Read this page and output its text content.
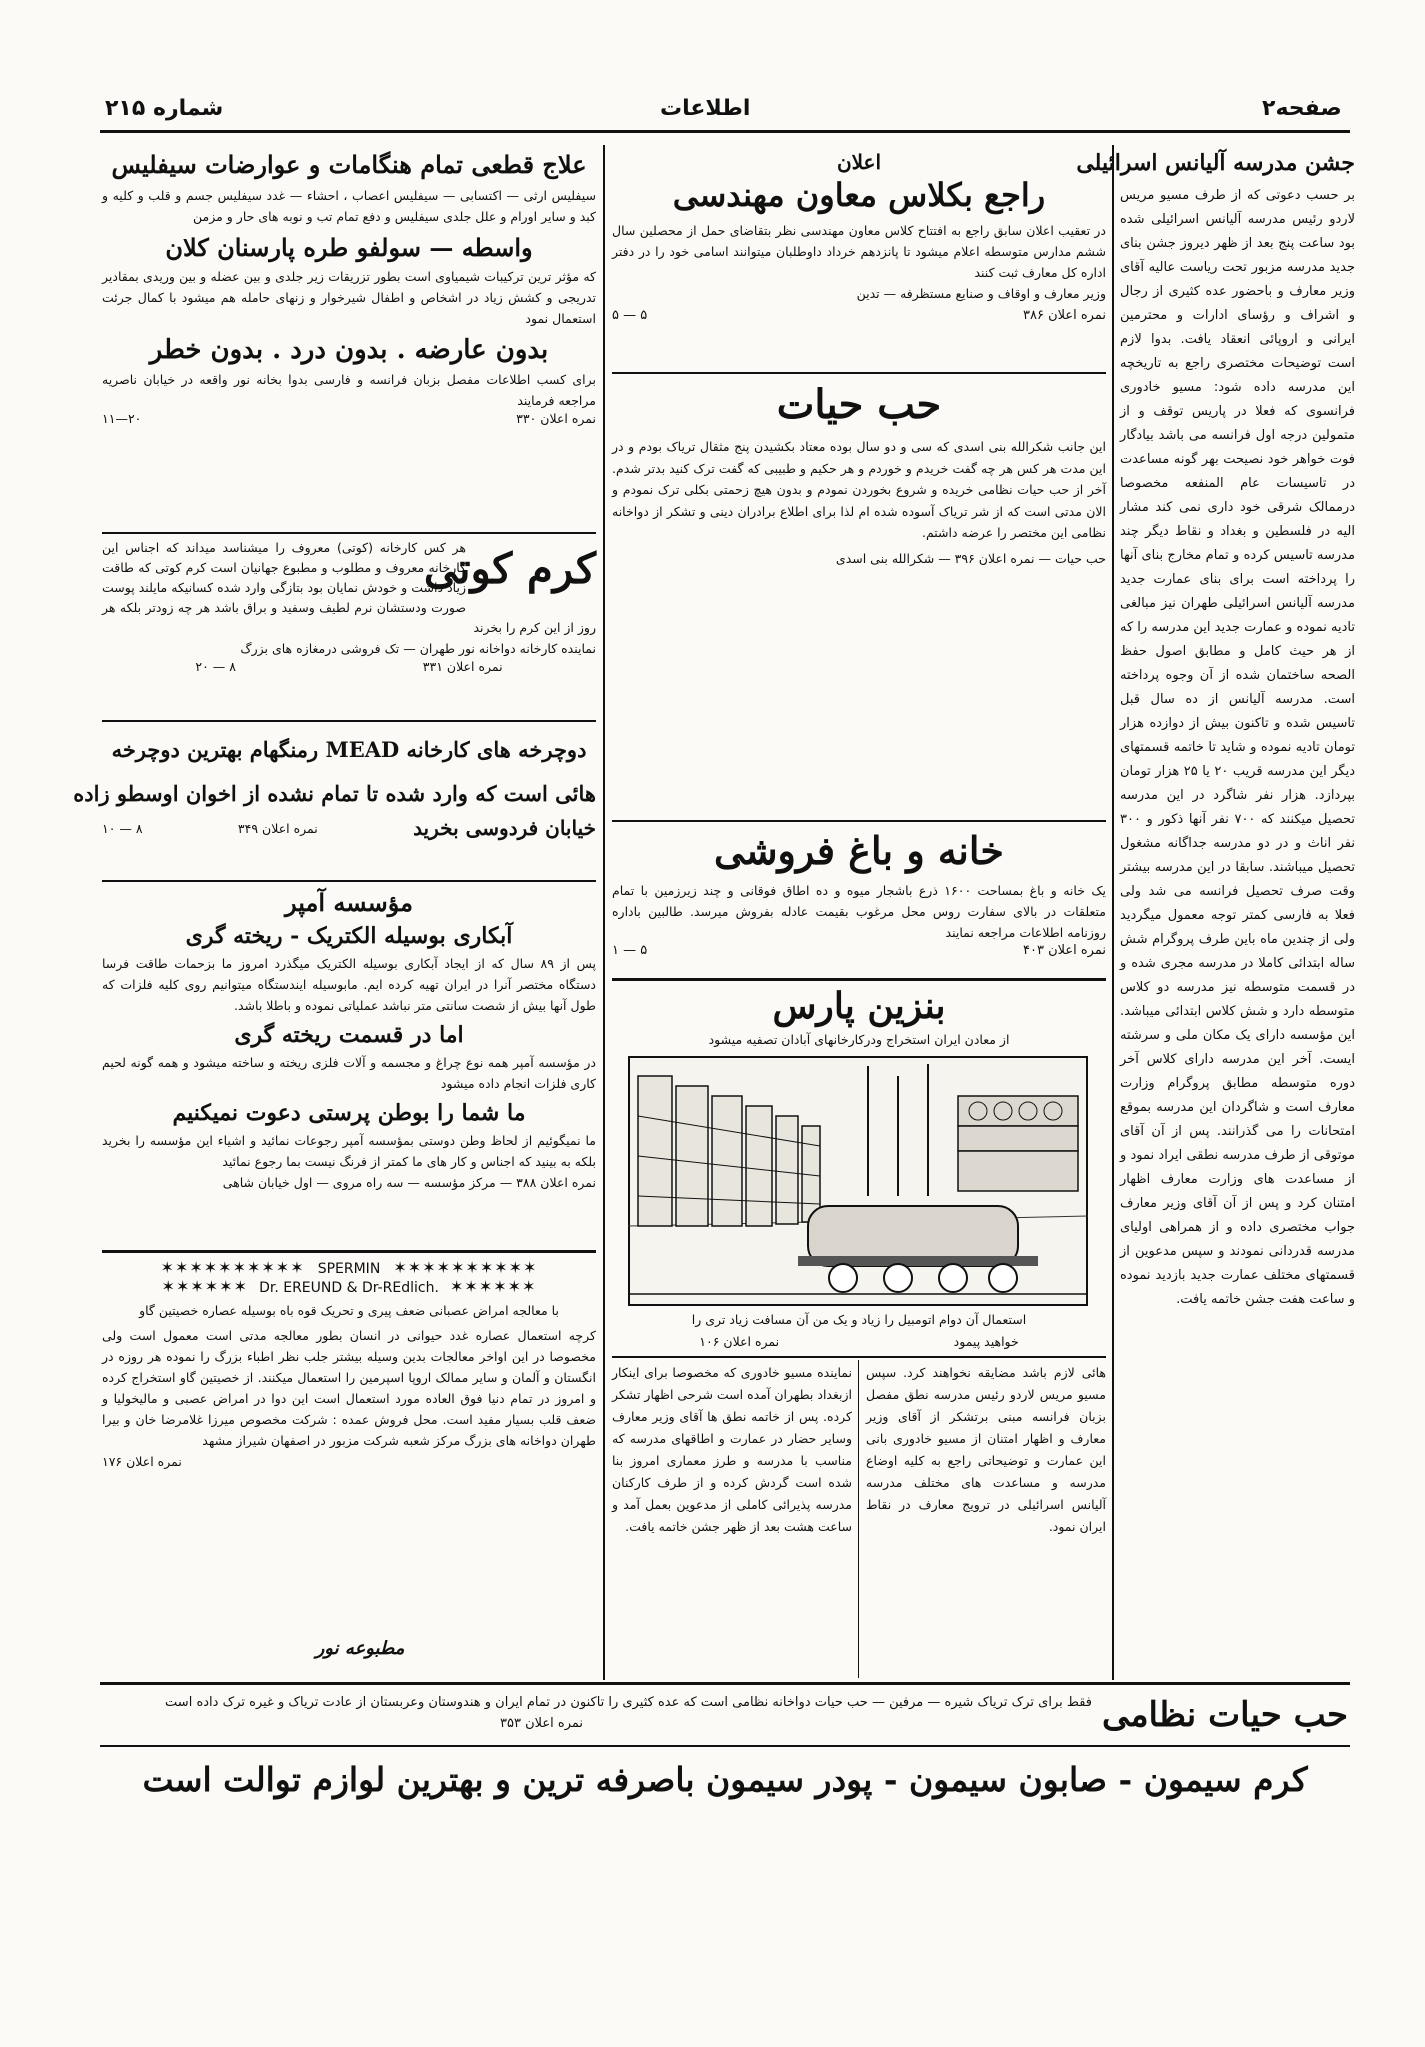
صفحه۲
اطلاعات
شماره ۲۱۵
جشن مدرسه آلیانس اسرائیلی

بر حسب دعوتی که از طرف مسیو مریس لاردو رئیس مدرسه آلیانس اسرائیلی شده بود ساعت پنج بعد از ظهر دیروز جشن بنای جدید مدرسه مزبور تحت ریاست عالیه آقای وزیر معارف و باحضور عده کثیری از رجال و اشراف و رؤسای ادارات و محترمین ایرانی و اروپائی انعقاد یافت. بدوا لازم است توضیحات مختصری راجع به تاریخچه این مدرسه داده شود: مسیو خادوری فرانسوی که فعلا در پاریس توقف و از متمولین درجه اول فرانسه می باشد بیادگار فوت خواهر خود نصیحت بهر گونه مساعدت در تاسیسات عام المنفعه مخصوصا درممالک شرقی خود داری نمی کند مشار الیه در فلسطین و بغداد و نقاط دیگر چند مدرسه تاسیس کرده و تمام مخارج بنای آنها را پرداخته است برای بنای عمارت جدید مدرسه آلیانس اسرائیلی طهران نیز مبالغی تادیه نموده و عمارت جدید این مدرسه را که از هر حیث کامل و مطابق اصول حفظ الصحه ساختمان شده از آن وجوه پرداخته است. مدرسه آلیانس از ده سال قبل تاسیس شده و تاکنون بیش از دوازده هزار تومان تادیه نموده و شاید تا خاتمه قسمتهای دیگر این مدرسه قریب ۲۰ یا ۲۵ هزار تومان بپردازد. هزار نفر شاگرد در این مدرسه تحصیل میکنند که ۷۰۰ نفر آنها ذکور و ۳۰۰ نفر اناث و در دو مدرسه جداگانه مشغول تحصیل میباشند. سابقا در این مدرسه بیشتر وقت صرف تحصیل فرانسه می شد ولی فعلا به فارسی کمتر توجه معمول میگردید ولی از چندین ماه باین طرف پروگرام شش ساله ابتدائی کاملا در مدرسه مجری شده و در قسمت متوسطه نیز مدرسه دو کلاس متوسطه دارد و شش کلاس ابتدائی میباشد. این مؤسسه دارای یک مکان ملی و سرشته ایست. آخر این مدرسه دارای کلاس آخر دوره متوسطه مطابق پروگرام وزارت معارف است و شاگردان این مدرسه بموقع امتحانات را می گذرانند. پس از آن آقای موتوقی از طرف مدرسه نطقی ایراد نمود و از مساعدت های وزارت معارف اظهار امتنان کرد و پس از آن آقای وزیر معارف جواب مختصری داده و از همراهی اولیای مدرسه قدردانی نمودند و سپس مدعوین از قسمتهای مختلف عمارت جدید بازدید نموده و ساعت هفت جشن خاتمه یافت.

اعلان
راجع بکلاس معاون مهندسی

در تعقیب اعلان سابق راجع به افتتاح کلاس معاون مهندسی نظر بتقاضای حمل از محصلین سال ششم مدارس متوسطه اعلام میشود تا پانزدهم خرداد داوطلبان میتوانند اسامی خود را در دفتر اداره کل معارف ثبت کنند

وزیر معارف و اوقاف و صنایع مستظرفه — تدین
نمره اعلان ۳۸۶
۵ — ۵
حب حیات

این جانب شکرالله بنی اسدی که سی و دو سال بوده معتاد بکشیدن پنج مثقال تریاک بودم و در این مدت هر کس هر چه گفت خریدم و خوردم و هر حکیم و طبیبی که گفت ترک کنید بدتر شدم. آخر از حب حیات نظامی خریده و شروع بخوردن نمودم و بدون هیچ زحمتی بکلی ترک نمودم و الان مدتی است که از شر تریاک آسوده شده ام لذا برای اطلاع برادران دینی و تشکر از دواخانه نظامی این مختصر را عرضه داشتم.

حب حیات — نمره اعلان ۳۹۶ — شکرالله بنی اسدی
خانه و باغ فروشی

یک خانه و باغ بمساحت ۱۶۰۰ ذرع باشجار میوه و ده اطاق فوقانی و چند زیرزمین با تمام متعلقات در بالای سفارت روس محل مرغوب بقیمت عادله بفروش میرسد. طالبین باداره روزنامه اطلاعات مراجعه نمایند

نمره اعلان ۴۰۳
۵ — ۱
بنزین پارس
از معادن ایران استخراج ودرکارخانهای آبادان تصفیه میشود
استعمال آن دوام اتومبیل را زیاد و یک من آن مسافت زیاد تری را
خواهید پیمود
نمره اعلان ۱۰۶

هائی لازم باشد مضایقه نخواهند کرد. سپس مسیو مریس لاردو رئیس مدرسه نطق مفصل بزبان فرانسه مبنی برتشکر از آقای وزیر معارف و اظهار امتنان از مسیو خادوری بانی این عمارت و توضیحاتی راجع به کلیه اوضاع مدرسه و مساعدت های مختلف مدرسه آلیانس اسرائیلی در ترویج معارف در نقاط ایران نمود.

نماینده مسیو خادوری که مخصوصا برای اینکار ازبغداد بطهران آمده است شرحی اظهار تشکر کرده. پس از خاتمه نطق ها آقای وزیر معارف وسایر حضار در عمارت و اطاقهای مدرسه که مناسب با مدرسه و طرز معماری امروز بنا شده است گردش کرده و از طرف کارکنان مدرسه پذیرائی کاملی از مدعوین بعمل آمد و ساعت هشت بعد از ظهر جشن خاتمه یافت.

علاج قطعی تمام هنگامات و عوارضات سیفلیس

سیفلیس ارثی — اکتسابی — سیفلیس اعصاب ، احشاء — غدد سیفلیس جسم و قلب و کلیه و کبد و سایر اورام و علل جلدی سیفلیس و دفع تمام تب و نوبه های حار و مزمن

واسطه — سولفو طره پارسنان کلان

که مؤثر ترین ترکیبات شیمیاوی است بطور تزریقات زیر جلدی و بین عضله و بین وریدی بمقادیر تدریجی و کشش زیاد در اشخاص و اطفال شیرخوار و زنهای حامله هم میشود با کمال جرئت استعمال نمود

بدون عارضه . بدون درد . بدون خطر

برای کسب اطلاعات مفصل بزبان فرانسه و فارسی بدوا بخانه نور واقعه در خیابان ناصریه مراجعه فرمایند

نمره اعلان ۳۳۰
۲۰—۱۱
کرم کوتی

هر کس کارخانه (کوتی) معروف را میشناسد میداند که اجناس این کارخانه معروف و مطلوب و مطبوع جهانیان است کرم کوتی که طاقت زیاد داشت و خودش نمایان بود بتازگی وارد شده کسانیکه مایلند پوست صورت ودستشان نرم لطیف وسفید و براق باشد هر چه زودتر بلکه هر روز از این کرم را بخرند

نماینده کارخانه دواخانه نور طهران — تک فروشی درمغازه های بزرگ
نمره اعلان ۳۳۱
۸ — ۲۰
دوچرخه های کارخانه MEAD رمنگهام بهترین دوچرخه
هائی است که وارد شده تا تمام نشده از اخوان اوسطو زاده
خیابان فردوسی بخرید
نمره اعلان ۳۴۹
۸ — ۱۰
مؤسسه آمپر
آبکاری بوسیله الکتریک - ریخته گری

پس از ۸۹ سال که از ایجاد آبکاری بوسیله الکتریک میگذرد امروز ما بزحمات طاقت فرسا دستگاه مختصر آنرا در ایران تهیه کرده ایم. مابوسیله ایندستگاه میتوانیم روی کلیه فلزات که طول آنها بیش از شصت سانتی متر نباشد عملیاتی نموده و باطلا باشد.

اما در قسمت ریخته گری

در مؤسسه آمپر همه نوع چراغ و مجسمه و آلات فلزی ریخته و ساخته میشود و همه گونه لحیم کاری فلزات انجام داده میشود

ما شما را بوطن پرستی دعوت نمیکنیم

ما نمیگوئیم از لحاظ وطن دوستی بمؤسسه آمپر رجوعات نمائید و اشیاء این مؤسسه را بخرید بلکه به بینید که اجناس و کار های ما کمتر از فرنگ نیست بما رجوع نمائید

نمره اعلان ۳۸۸ — مرکز مؤسسه — سه راه مروی — اول خیابان شاهی
✶✶✶✶✶✶✶✶✶✶ SPERMIN ✶✶✶✶✶✶✶✶✶✶
✶✶✶✶✶✶ Dr. EREUND & Dr-REdlich. ✶✶✶✶✶✶
با معالجه امراض عصبانی ضعف پیری و تحریک قوه باه بوسیله عصاره خصیتین گاو

کرچه استعمال عصاره غدد حیوانی در انسان بطور معالجه مدتی است معمول است ولی مخصوصا در این اواخر معالجات بدین وسیله بیشتر جلب نظر اطباء بزرگ را نموده هر روزه در انگستان و آلمان و سایر ممالک اروپا اسپرمین را استعمال میکنند. از خصیتین گاو استخراج کرده و امروز در تمام دنیا فوق العاده مورد استعمال است این دوا در امراض عصبی و مالیخولیا و ضعف قلب بسیار مفید است. محل فروش عمده : شرکت مخصوص میرزا غلامرضا خان و بیرا طهران دواخانه های بزرگ مرکز شعبه شرکت مزبور در اصفهان شیراز مشهد

نمره اعلان ۱۷۶
مطبوعه نور
حب حیات نظامی
فقط برای ترک تریاک شیره — مرفین — حب حیات دواخانه نظامی است که عده کثیری را تاکنون در تمام ایران و هندوستان وعربستان از عادت تریاک و غیره ترک داده است
نمره اعلان ۳۵۳
کرم سیمون - صابون سیمون - پودر سیمون باصرفه ترین و بهترین لوازم توالت است
